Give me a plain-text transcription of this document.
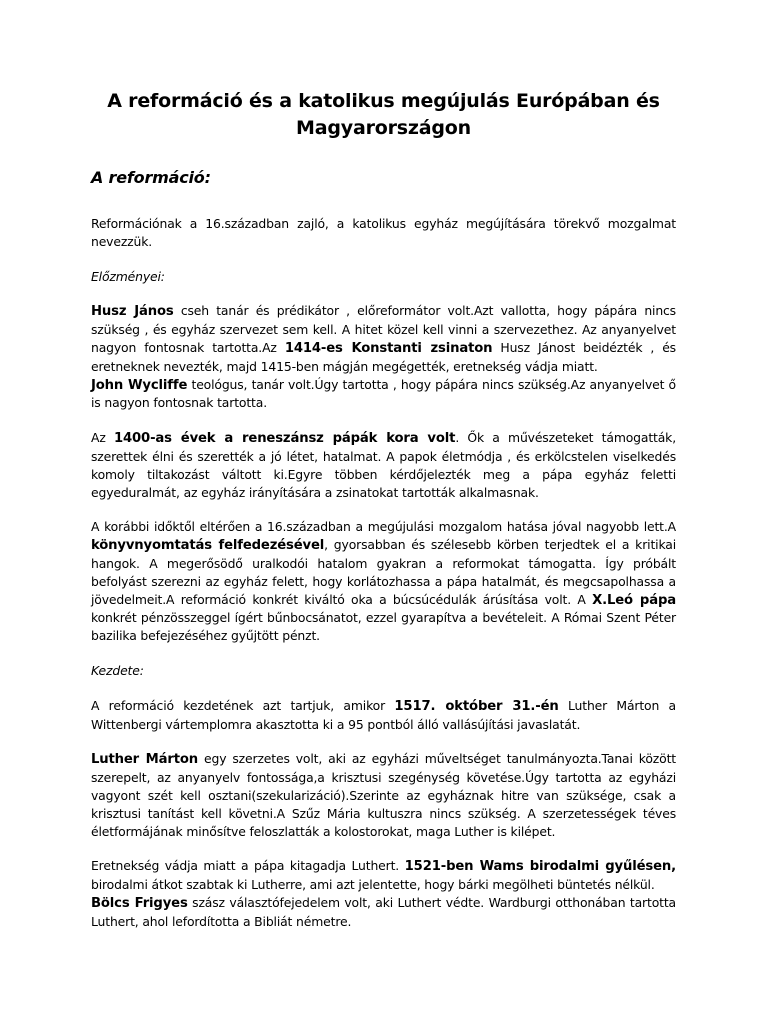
A reformáció és a katolikus megújulás Európában és
Magyarországon
A reformáció:

Reformációnak a 16.században zajló, a katolikus egyház megújítására törekvő mozgalmat nevezzük.

Előzményei:

Husz János cseh tanár és prédikátor , előreformátor volt.Azt vallotta, hogy pápára nincs szükség , és egyház szervezet sem kell. A hitet közel kell vinni a szervezethez. Az anyanyelvet nagyon fontosnak tartotta.Az 1414-es Konstanti zsinaton Husz Jánost beidézték , és eretneknek nevezték, majd 1415-ben mágján megégették, eretnekség vádja miatt.

John Wycliffe teológus, tanár volt.Úgy tartotta , hogy pápára nincs szükség.Az anyanyelvet ő is nagyon fontosnak tartotta.

Az 1400-as évek a reneszánsz pápák kora volt. Ők a művészeteket támogatták, szerettek élni és szerették a jó létet, hatalmat. A papok életmódja , és erkölcstelen viselkedés komoly tiltakozást váltott ki.Egyre többen kérdőjelezték meg a pápa egyház feletti egyeduralmát, az egyház irányítására a zsinatokat tartották alkalmasnak.

A korábbi időktől eltérően a 16.században a megújulási mozgalom hatása jóval nagyobb lett.A könyvnyomtatás felfedezésével, gyorsabban és szélesebb körben terjedtek el a kritikai hangok. A megerősödő uralkodói hatalom gyakran a reformokat támogatta. Így próbált befolyást szerezni az egyház felett, hogy korlátozhassa a pápa hatalmát, és megcsapolhassa a jövedelmeit.A reformáció konkrét kiváltó oka a búcsúcédulák árúsítása volt. A X.Leó pápa konkrét pénzösszeggel ígért bűnbocsánatot, ezzel gyarapítva a bevételeit. A Római Szent Péter bazilika befejezéséhez gyűjtött pénzt.

Kezdete:

A reformáció kezdetének azt tartjuk, amikor 1517. október 31.-én Luther Márton a Wittenbergi vártemplomra akasztotta ki a 95 pontból álló vallásújítási javaslatát.

Luther Márton egy szerzetes volt, aki az egyházi műveltséget tanulmányozta.Tanai között szerepelt, az anyanyelv fontossága,a krisztusi szegénység követése.Úgy tartotta az egyházi vagyont szét kell osztani(szekularizáció).Szerinte az egyháznak hitre van szüksége, csak a krisztusi tanítást kell követni.A Szűz Mária kultuszra nincs szükség. A szerzetességek téves életformájának minősítve feloszlatták a kolostorokat, maga Luther is kilépet.

Eretnekség vádja miatt a pápa kitagadja Luthert. 1521-ben Wams birodalmi gyűlésen, birodalmi átkot szabtak ki Lutherre, ami azt jelentette, hogy bárki megölheti büntetés nélkül.

Bölcs Frigyes szász választófejedelem volt, aki Luthert védte. Wardburgi otthonában tartotta Luthert, ahol lefordította a Bibliát németre.
